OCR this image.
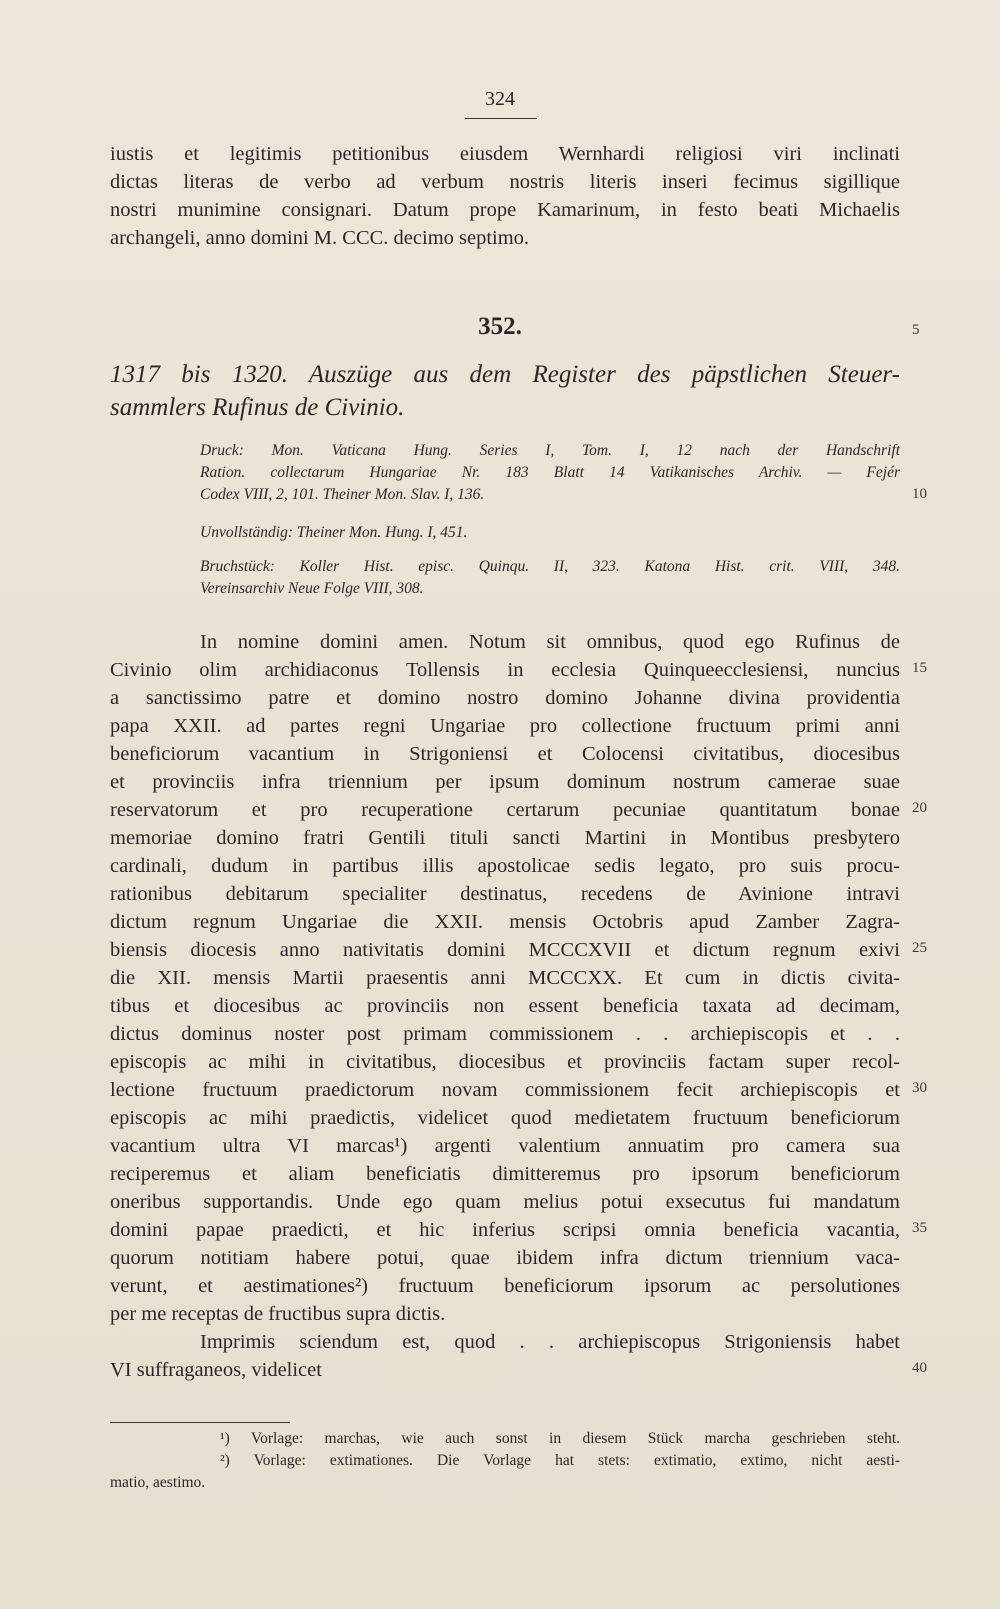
324
iustis et legitimis petitionibus eiusdem Wernhardi religiosi viri inclinati
dictas literas de verbo ad verbum nostris literis inseri fecimus sigillique
nostri munimine consignari. Datum prope Kamarinum, in festo beati Michaelis
archangeli, anno domini M. CCC. decimo septimo.
352.
1317 bis 1320. Auszüge aus dem Register des päpstlichen Steuer-
sammlers Rufinus de Civinio.
Druck: Mon. Vaticana Hung. Series I, Tom. I, 12 nach der Handschrift
Ration. collectarum Hungariae Nr. 183 Blatt 14 Vatikanisches Archiv. — Fejér
Codex VIII, 2, 101. Theiner Mon. Slav. I, 136.
Unvollständig: Theiner Mon. Hung. I, 451.
Bruchstück: Koller Hist. episc. Quinqu. II, 323. Katona Hist. crit. VIII, 348.
Vereinsarchiv Neue Folge VIII, 308.
In nomine domini amen. Notum sit omnibus, quod ego Rufinus de
Civinio olim archidiaconus Tollensis in ecclesia Quinqueecclesiensi, nuncius
a sanctissimo patre et domino nostro domino Johanne divina providentia
papa XXII. ad partes regni Ungariae pro collectione fructuum primi anni
beneficiorum vacantium in Strigoniensi et Colocensi civitatibus, diocesibus
et provinciis infra triennium per ipsum dominum nostrum camerae suae
reservatorum et pro recuperatione certarum pecuniae quantitatum bonae
memoriae domino fratri Gentili tituli sancti Martini in Montibus presbytero
cardinali, dudum in partibus illis apostolicae sedis legato, pro suis procu-
rationibus debitarum specialiter destinatus, recedens de Avinione intravi
dictum regnum Ungariae die XXII. mensis Octobris apud Zamber Zagra-
biensis diocesis anno nativitatis domini MCCCXVII et dictum regnum exivi
die XII. mensis Martii praesentis anni MCCCXX. Et cum in dictis civita-
tibus et diocesibus ac provinciis non essent beneficia taxata ad decimam,
dictus dominus noster post primam commissionem . . archiepiscopis et . .
episcopis ac mihi in civitatibus, diocesibus et provinciis factam super recol-
lectione fructuum praedictorum novam commissionem fecit archiepiscopis et
episcopis ac mihi praedictis, videlicet quod medietatem fructuum beneficiorum
vacantium ultra VI marcas¹) argenti valentium annuatim pro camera sua
reciperemus et aliam beneficiatis dimitteremus pro ipsorum beneficiorum
oneribus supportandis. Unde ego quam melius potui exsecutus fui mandatum
domini papae praedicti, et hic inferius scripsi omnia beneficia vacantia,
quorum notitiam habere potui, quae ibidem infra dictum triennium vaca-
verunt, et aestimationes²) fructuum beneficiorum ipsorum ac persolutiones
per me receptas de fructibus supra dictis.
Imprimis sciendum est, quod . . archiepiscopus Strigoniensis habet
VI suffraganeos, videlicet
5
10
15
20
25
30
35
40
¹) Vorlage: marchas, wie auch sonst in diesem Stück marcha geschrieben steht.
²) Vorlage: extimationes. Die Vorlage hat stets: extimatio, extimo, nicht aesti-
matio, aestimo.
